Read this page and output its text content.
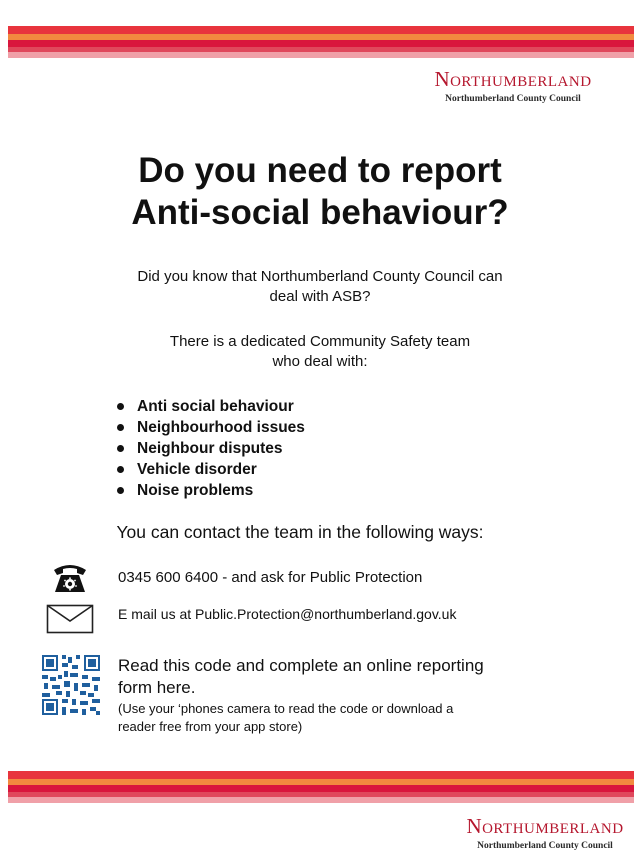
Northumberland
Northumberland County Council
Do you need to report
Anti-social behaviour?
Did you know that Northumberland County Council can
deal with ASB?
There is a dedicated Community Safety team
who deal with:
Anti social behaviour
Neighbourhood issues
Neighbour disputes
Vehicle disorder
Noise problems
You can contact the team in the following ways:
0345 600 6400 - and ask for Public Protection
E mail us at Public.Protection@northumberland.gov.uk
Read this code and complete an online reporting
form here.
(Use your ‘phones camera to read the code or download a
reader free from your app store)
Northumberland
Northumberland County Council
